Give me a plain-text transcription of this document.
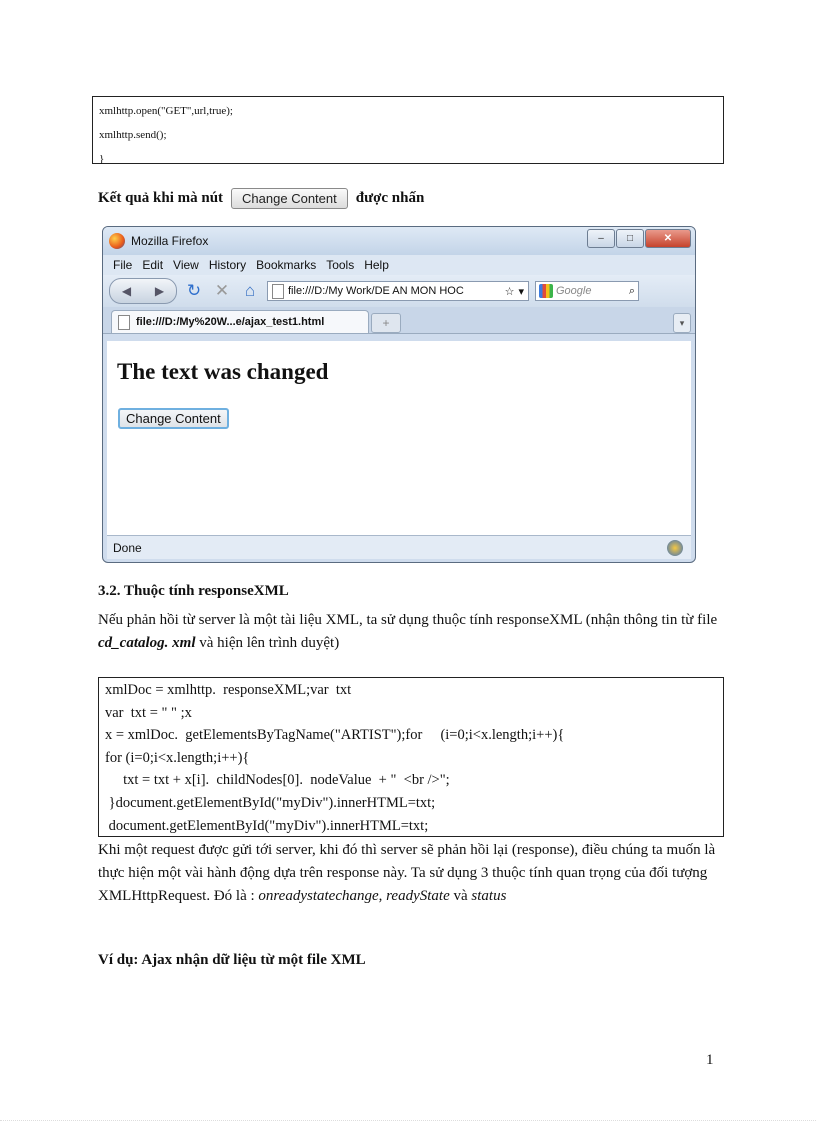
xmlhttp.open("GET",url,true);
xmlhttp.send();
}
Kết quả khi mà nút	Change Content	được nhấn
Mozilla Firefox	–	□	✕
File Edit View History Bookmarks Tools Help
◀ ▶ ↻ ✕ ⌂	file:///D:/My Work/DE AN MON HOC	☆ ▾	Google	⌕
file:///D:/My%20W...e/ajax_test1.html	+	▾
The text was changed
Change Content
Done
3.2. Thuộc tính responseXML
Nếu phản hồi từ server là một tài liệu XML, ta sử dụng thuộc tính responseXML (nhận thông tin từ file cd_catalog. xml và hiện lên trình duyệt)
xmlDoc = xmlhttp.  responseXML;var  txt
var  txt = " " ;x
x = xmlDoc.  getElementsByTagName("ARTIST");for     (i=0;i<x.length;i++){
for (i=0;i<x.length;i++){
txt = txt + x[i].  childNodes[0].  nodeValue  + "  <br />";
}document.getElementById("myDiv").innerHTML=txt;
document.getElementById("myDiv").innerHTML=txt;
Khi một request được gửi tới server, khi đó thì server sẽ phản hồi lại (response), điều chúng ta muốn là thực hiện một vài hành động dựa trên response này. Ta sử dụng 3 thuộc tính quan trọng của đối tượng XMLHttpRequest. Đó là : onreadystatechange, readyState và status
Ví dụ: Ajax nhận dữ liệu từ một file XML
1
